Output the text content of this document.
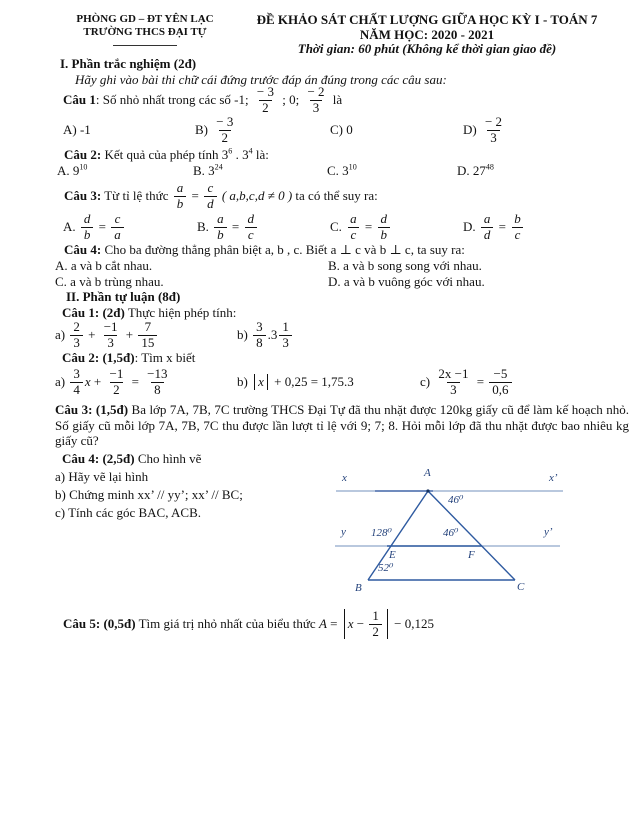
PHÒNG GD – ĐT YÊN LẠC
TRƯỜNG THCS ĐẠI TỰ
ĐỀ KHẢO SÁT CHẤT LƯỢNG GIỮA HỌC KỲ I - TOÁN 7
NĂM HỌC: 2020 - 2021
Thời gian: 60 phút (Không kể thời gian giao đề)
I. Phần trắc nghiệm (2đ)
Hãy ghi vào bài thi chữ cái đứng trước đáp án đúng trong các câu sau:
Câu 1 : Số nhỏ nhất trong các số -1; $\frac{- 3}{2}$ ; 0; $\frac{- 2}{3}$ là
A) -1	$B) \frac{- 3}{2}$	C) 0	$D) \frac{- 2}{3}$
Câu 2: Kết quả của phép tính $3^6$ . $3^4$ là:
A. $9^{10}$	B. $3^{24}$	C. $3^{10}$	D. $27^{48}$
Câu 3: Từ tỉ lệ thức $\frac{a}{b} = \frac{c}{d}$ ( a,b,c,d ≠ 0 ) ta có thể suy ra:
A. $\frac{d}{b} = \frac{c}{a}$	B. $\frac{a}{b} = \frac{d}{c}$	C. $\frac{a}{c} = \frac{d}{b}$	D. $\frac{a}{d} = \frac{b}{c}$
Câu 4: Cho ba đường thẳng phân biệt a, b , c. Biết a ⊥ c và b ⊥ c, ta suy ra:
A. a và b cắt nhau.	B. a và b song song với nhau.
C. a và b trùng nhau.	D. a và b vuông góc với nhau.
II. Phần tự luận (8đ)
Câu 1: (2đ) Thực hiện phép tính:
$a) \frac{2}{3} + \frac{-1}{3} + \frac{7}{15}$	$b) \frac{3}{8} .3 \frac{1}{3}$
Câu 2: (1,5đ) : Tìm x biết
$a) \frac{3}{4}$ $x + \frac{-1}{2} = \frac{-13}{8}$	b) x + 0,25 = 1,75.3	$c) \frac{2x -1}{3} = \frac{-5}{0,6}$
Câu 3: (1,5đ) Ba lớp 7A, 7B, 7C trường THCS Đại Tự đã thu nhặt được 120kg giấy cũ để làm kế hoạch nhỏ. Số giấy cũ mỗi lớp 7A, 7B, 7C thu được lần lượt tỉ lệ với 9; 7; 8. Hỏi mỗi lớp đã thu nhặt được bao nhiêu kg giấy cũ?
Câu 4: (2,5đ) Cho hình vẽ
a) Hãy vẽ lại hình
b) Chứng minh xx’ // yy’; xx’ // BC;
c) Tính các góc BAC, ACB.
x	A	x’
46⁰
y 128⁰	46⁰	y’
E	F
52⁰
B	C
Câu 5: (0,5đ) Tìm giá trị nhỏ nhất của biểu thức $A = x - \frac{1}{2} - 0,125$
